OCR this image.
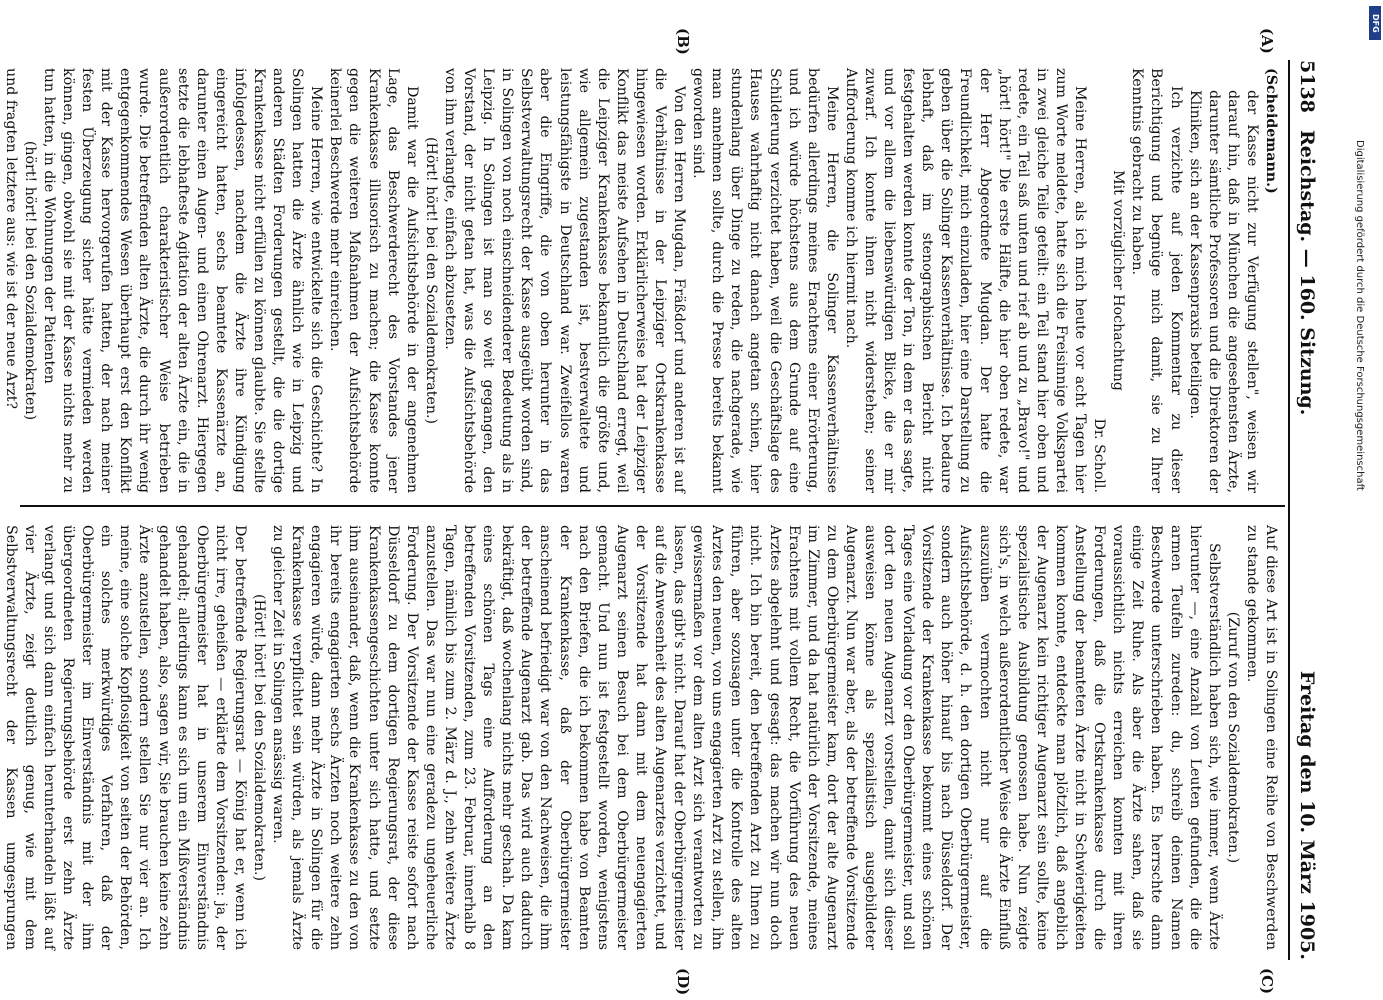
5138
Reichstag. — 160. Sitzung.
Freitag den 10. März 1905.
(A)
(B)
(C)
(D)

(Scheidemann.)

der Kasse nicht zur Verfügung stellen", weisen wir darauf hin, daß in München die angesehensten Ärzte, darunter sämtliche Professoren und die Direktoren der Kliniken, sich an der Kassenpraxis beteiligen.

Ich verzichte auf jeden Kommentar zu dieser Berichtigung und begnüge mich damit, sie zu Ihrer Kenntnis gebracht zu haben.

Mit vorzüglicher Hochachtung

Dr. Scholl.

Meine Herren, als ich mich heute vor acht Tagen hier zum Worte meldete, hatte sich die Freisinnige Volkspartei in zwei gleiche Teile geteilt: ein Teil stand hier oben und redete, ein Teil saß unten und rief ab und zu „Bravo!" und „hört! hört!" Die erste Hälfte, die hier oben redete, war der Herr Abgeordnete Mugdan. Der hatte die Freundlichkeit, mich einzuladen, hier eine Darstellung zu geben über die Solinger Kassenverhältnisse. Ich bedaure lebhaft, daß im stenographischen Bericht nicht festgehalten werden konnte der Ton, in dem er das sagte, und vor allem die liebenswürdigen Blicke, die er mir zuwarf. Ich konnte ihnen nicht widerstehen; seiner Aufforderung komme ich hiermit nach.

Meine Herren, die Solinger Kassenverhältnisse bedürfen allerdings meines Erachtens einer Erörterung, und ich würde höchstens aus dem Grunde auf eine Schilderung verzichtet haben, weil die Geschäftslage des Hauses wahrhaftig nicht danach angetan schien, hier stundenlang über Dinge zu reden, die nachgerade, wie man annehmen sollte, durch die Presse bereits bekannt geworden sind.

Von den Herren Mugdan, Fräßdorf und anderen ist auf die Verhältnisse in der Leipziger Ortskrankenkasse hingewiesen worden. Erklärlicherweise hat der Leipziger Konflikt das meiste Aufsehen in Deutschland erregt, weil die Leipziger Krankenkasse bekanntlich die größte und, wie allgemein zugestanden ist, bestverwaltete und leistungsfähigste in Deutschland war. Zweifellos waren aber die Eingriffe, die von oben herunter in das Selbstverwaltungsrecht der Kasse ausgeübt worden sind, in Solingen von noch einschneidenderer Bedeutung als in Leipzig. In Solingen ist man so weit gegangen, den Vorstand, der nicht getan hat, was die Aufsichtsbehörde von ihm verlangte, einfach abzusetzen.

(Hört! hört! bei den Sozialdemokraten.)

Damit war die Aufsichtsbehörde in der angenehmen Lage, das Beschwerderecht des Vorstandes jener Krankenkasse illusorisch zu machen; die Kasse konnte gegen die weiteren Maßnahmen der Aufsichtsbehörde keinerlei Beschwerde mehr einreichen.

Meine Herren, wie entwickelte sich die Geschichte? In Solingen hatten die Ärzte ähnlich wie in Leipzig und anderen Städten Forderungen gestellt, die die dortige Krankenkasse nicht erfüllen zu können glaubte. Sie stellte infolgedessen, nachdem die Ärzte ihre Kündigung eingereicht hatten, sechs beamtete Kassenärzte an, darunter einen Augen- und einen Ohrenarzt. Hiergegen setzte die lebhafteste Agitation der alten Ärzte ein, die in außerordentlich charakteristischer Weise betrieben wurde. Die betreffenden alten Ärzte, die durch ihr wenig entgegenkommendes Wesen überhaupt erst den Konflikt mit der Kasse hervorgerufen hatten, der nach meiner festen Überzeugung sicher hätte vermieden werden können, gingen, obwohl sie mit der Kasse nichts mehr zu tun hatten, in die Wohnungen der Patienten

(hört! hört! bei den Sozialdemokraten)

und fragten letztere aus: wie ist der neue Arzt?

Auf diese Art ist in Solingen eine Reihe von Beschwerden zu stande gekommen.

(Zuruf von den Sozialdemokraten.)

Selbstverständlich haben sich, wie immer, wenn Ärzte hierunter —, eine Anzahl von Leuten gefunden, die die armen Teufeln zureden: du, schreib deinen Namen Beschwerde unterschrieben haben. Es herrschte dann einige Zeit Ruhe. Als aber die Ärzte sahen, daß sie voraussichtlich nichts erreichen konnten mit ihren Forderungen, daß die Ortskrankenkasse durch die Anstellung der beamteten Ärzte nicht in Schwierigkeiten kommen konnte, entdeckte man plötzlich, daß angeblich der Augenarzt kein richtiger Augenarzt sein sollte, keine spezialistische Ausbildung genossen habe. Nun zeigte sich's, in welch außerordentlicher Weise die Ärzte Einfluß auszuüben vermochten nicht nur auf die Aufsichtsbehörde, d. h. den dortigen Oberbürgermeister, sondern auch höher hinauf bis nach Düsseldorf. Der Vorsitzende der Krankenkasse bekommt eines schönen Tages eine Vorladung vor den Oberbürgermeister, und soll dort den neuen Augenarzt vorstellen, damit sich dieser ausweisen könne als spezialistisch ausgebildeter Augenarzt. Nun war aber, als der betreffende Vorsitzende zu dem Oberbürgermeister kam, dort der alte Augenarzt im Zimmer, und da hat natürlich der Vorsitzende, meines Erachtens mit vollem Recht, die Vorführung des neuen Arztes abgelehnt und gesagt: das machen wir nun doch nicht. Ich bin bereit, den betreffenden Arzt zu Ihnen zu führen, aber sozusagen unter die Kontrolle des alten Arztes den neuen, von uns engagierten Arzt zu stellen, ihn gewissermaßen vor dem alten Arzt sich verantworten zu lassen, das gibt's nicht. Darauf hat der Oberbürgermeister auf die Anwesenheit des alten Augenarztes verzichtet, und der Vorsitzende hat dann mit dem neuengagierten Augenarzt seinen Besuch bei dem Oberbürgermeister gemacht. Und nun ist festgestellt worden, wenigstens nach den Briefen, die ich bekommen habe von Beamten der Krankenkasse, daß der Oberbürgermeister anscheinend befriedigt war von den Nachweisen, die ihm der betreffende Augenarzt gab. Das wird auch dadurch bekräftigt, daß wochenlang nichts mehr geschah. Da kam eines schönen Tags eine Aufforderung an den betreffenden Vorsitzenden, zum 23. Februar, innerhalb 8 Tagen, nämlich bis zum 2. März d. J., zehn weitere Ärzte anzustellen. Das war nun eine geradezu ungeheuerliche Forderung. Der Vorsitzende der Kasse reiste sofort nach Düsseldorf zu dem dortigen Regierungsrat, der diese Krankenkassengeschichten unter sich hatte, und setzte ihm auseinander, daß, wenn die Krankenkasse zu den von ihr bereits engagierten sechs Ärzten noch weitere zehn engagieren würde, dann mehr Ärzte in Solingen für die Krankenkasse verpflichtet sein würden, als jemals Ärzte zu gleicher Zeit in Solingen ansässig waren.

(Hört! hört! bei den Sozialdemokraten.)

Der betreffende Regierungsrat — König hat er, wenn ich nicht irre, geheißen — erklärte dem Vorsitzenden: ja, der Oberbürgermeister hat in unserem Einverständnis gehandelt; allerdings kann es sich um ein Mißverständnis gehandelt haben, also, sagen wir, Sie brauchen keine zehn Ärzte anzustellen, sondern stellen Sie nur vier an. Ich meine, eine solche Kopflosigkeit von seiten der Behörden, ein solches merkwürdiges Verfahren, daß der Oberbürgermeister im Einverständnis mit der ihm übergeordneten Regierungsbehörde erst zehn Ärzte verlangt und sich dann einfach herunterhandeln läßt auf vier Ärzte, zeigt deutlich genug, wie mit dem Selbstverwaltungsrecht der Kassen umgesprungen

DFG
Digitalisierung gefördert durch die Deutsche Forschungsgemeinschaft
